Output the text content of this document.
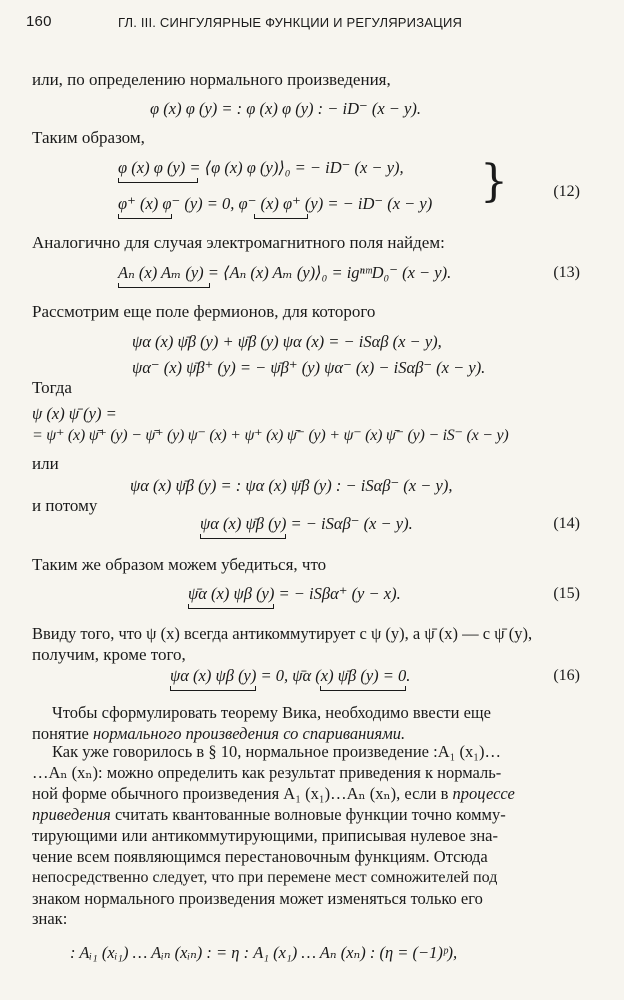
160	ГЛ. III. СИНГУЛЯРНЫЕ ФУНКЦИИ И РЕГУЛЯРИЗАЦИЯ
или, по определению нормального произведения,
φ (x) φ (y) = : φ (x) φ (y) : − iD⁻ (x − y).
Таким образом,
φ (x) φ (y) = ⟨φ (x) φ (y)⟩₀ = − iD⁻ (x − y),
φ⁺ (x) φ⁻ (y) = 0, φ⁻ (x) φ⁺ (y) = − iD⁻ (x − y) }	(12)
Аналогично для случая электромагнитного поля найдем:
Aₙ (x) Aₘ (y) = ⟨Aₙ (x) Aₘ (y)⟩₀ = igⁿᵐD₀⁻ (x − y).	(13)
Рассмотрим еще поле фермионов, для которого
ψα (x) ψ̄β (y) + ψ̄β (y) ψα (x) = − iSαβ (x − y),
ψα⁻ (x) ψ̄β⁺ (y) = − ψ̄β⁺ (y) ψα⁻ (x) − iSαβ⁻ (x − y).
Тогда
ψ (x) ψ̄ (y) =
= ψ⁺ (x) ψ̄⁺ (y) − ψ̄⁺ (y) ψ⁻ (x) + ψ⁺ (x) ψ̄⁻ (y) + ψ⁻ (x) ψ̄⁻ (y) − iS⁻ (x − y)
или
ψα (x) ψ̄β (y) = : ψα (x) ψ̄β (y) : − iSαβ⁻ (x − y),
и потому
ψα (x) ψ̄β (y) = − iSαβ⁻ (x − y).	(14)
Таким же образом можем убедиться, что
ψ̄α (x) ψβ (y) = − iSβα⁺ (y − x).	(15)
Ввиду того, что ψ (x) всегда антикоммутирует с ψ (y), а ψ̄ (x) — с ψ̄ (y),
получим, кроме того,
ψα (x) ψβ (y) = 0, ψ̄α (x) ψ̄β (y) = 0.	(16)
Чтобы сформулировать теорему Вика, необходимо ввести еще
понятие нормального произведения со спариваниями.
Как уже говорилось в § 10, нормальное произведение :A₁ (x₁)…
…Aₙ (xₙ): можно определить как результат приведения к нормаль-
ной форме обычного произведения A₁ (x₁)…Aₙ (xₙ), если в процессе
приведения считать квантованные волновые функции точно комму-
тирующими или антикоммутирующими, приписывая нулевое зна-
чение всем появляющимся перестановочным функциям. Отсюда
непосредственно следует, что при перемене мест сомножителей под
знаком нормального произведения может изменяться только его
знак:
: Aᵢ₁ (xᵢ₁) … Aᵢₙ (xᵢₙ) : = η : A₁ (x₁) … Aₙ (xₙ) : (η = (−1)ᵖ),
